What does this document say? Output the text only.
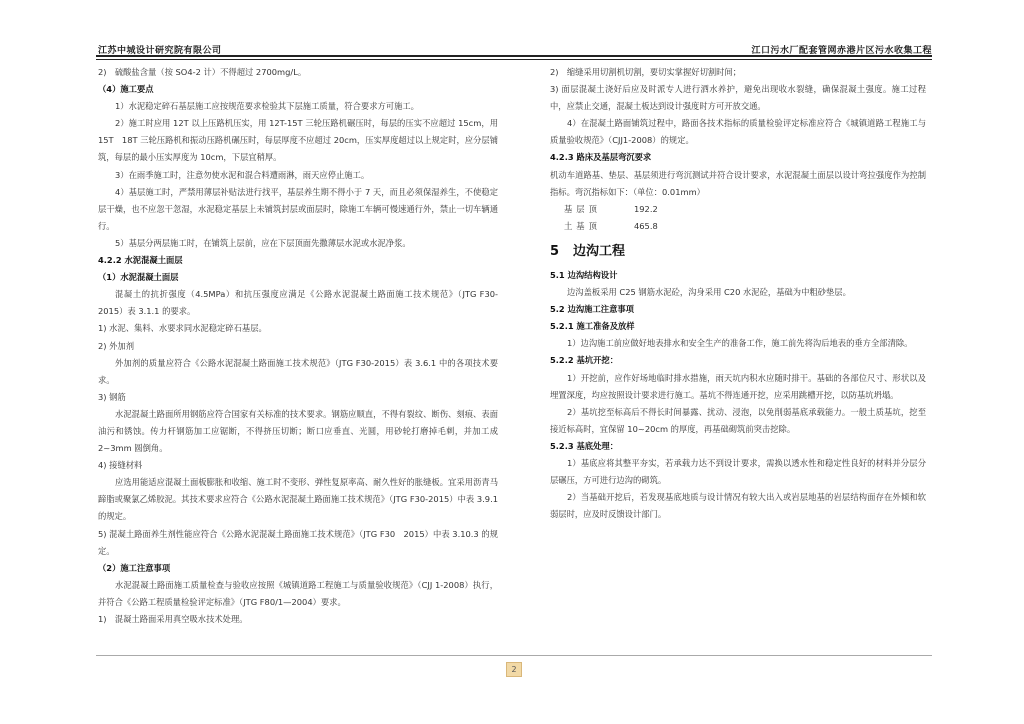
江苏中城设计研究院有限公司	江口污水厂配套管网赤港片区污水收集工程

2)　硫酸盐含量（按 SO4-2 计）不得超过 2700mg/L。

（4）施工要点

1）水泥稳定碎石基层施工应按规范要求检验其下层施工质量，符合要求方可施工。

2）施工时应用 12T 以上压路机压实，用 12T-15T 三轮压路机碾压时，每层的压实不应超过 15cm，用 15T　18T 三轮压路机和振动压路机碾压时，每层厚度不应超过 20cm，压实厚度超过以上规定时，应分层铺筑，每层的最小压实厚度为 10cm，下层宜稍厚。

3）在雨季施工时，注意勿使水泥和混合料遭雨淋，雨天应停止施工。

4）基层施工时，严禁用薄层补贴法进行找平，基层养生期不得小于 7 天，而且必须保湿养生，不使稳定层干燥，也不应忽干忽湿，水泥稳定基层上未铺筑封层或面层时，除施工车辆可慢速通行外，禁止一切车辆通行。

5）基层分两层施工时，在铺筑上层前，应在下层顶面先撒薄层水泥或水泥净浆。

4.2.2 水泥混凝土面层

（1）水泥混凝土面层

混凝土的抗折强度（4.5MPa）和抗压强度应满足《公路水泥混凝土路面施工技术规范》（JTG F30-2015）表 3.1.1 的要求。

1) 水泥、集料、水要求同水泥稳定碎石基层。

2) 外加剂

外加剂的质量应符合《公路水泥混凝土路面施工技术规范》（JTG F30-2015）表 3.6.1 中的各项技术要求。

3) 钢筋

水泥混凝土路面所用钢筋应符合国家有关标准的技术要求。钢筋应顺直，不得有裂纹、断伤、刻痕、表面油污和锈蚀。传力杆钢筋加工应锯断，不得挤压切断；断口应垂直、光圆，用砂轮打磨掉毛刺，并加工成 2~3mm 圆倒角。

4) 接缝材料

应选用能适应混凝土面板膨胀和收缩、施工时不变形、弹性复原率高、耐久性好的胀缝板。宜采用沥青马蹄脂或聚氯乙烯胶泥。其技术要求应符合《公路水泥混凝土路面施工技术规范》（JTG F30-2015）中表 3.9.1 的规定。

5) 混凝土路面养生剂性能应符合《公路水泥混凝土路面施工技术规范》（JTG F30　2015）中表 3.10.3 的规定。

（2）施工注意事项

水泥混凝土路面施工质量检查与验收应按照《城镇道路工程施工与质量验收规范》（CJJ 1-2008）执行，并符合《公路工程质量检验评定标准》（JTG F80/1—2004）要求。

1)　混凝土路面采用真空吸水技术处理。

2)　缩缝采用切割机切割，要切实掌握好切割时间；

3) 面层混凝土浇好后应及时派专人进行洒水养护，避免出现收水裂缝，确保混凝土强度。施工过程中，应禁止交通，混凝土板达到设计强度时方可开放交通。

4）在混凝土路面铺筑过程中，路面各技术指标的质量检验评定标准应符合《城镇道路工程施工与质量验收规范》（CJJ1-2008）的规定。

4.2.3 路床及基层弯沉要求

机动车道路基、垫层、基层须进行弯沉测试并符合设计要求，水泥混凝土面层以设计弯拉强度作为控制指标。弯沉指标如下：（单位：0.01mm）

基层顶	192.2
土基顶	465.8
5 边沟工程

5.1 边沟结构设计

边沟盖板采用 C25 钢筋水泥砼，沟身采用 C20 水泥砼，基础为中粗砂垫层。

5.2 边沟施工注意事项

5.2.1 施工准备及放样

1）边沟施工前应做好地表排水和安全生产的准备工作，施工前先将沟后地表的垂方全部清除。

5.2.2 基坑开挖：

1）开挖前，应作好场地临时排水措施，雨天坑内积水应随时排干。基础的各部位尺寸、形状以及埋置深度，均应按照设计要求进行施工。基坑不得连通开挖，应采用跳槽开挖，以防基坑坍塌。

2）基坑挖至标高后不得长时间暴露、扰动、浸泡，以免削弱基底承载能力。一般土质基坑，挖至接近标高时，宜保留 10~20cm 的厚度，再基础砌筑前突击挖除。

5.2.3 基底处理：

1）基底应将其整平夯实，若承载力达不到设计要求，需换以透水性和稳定性良好的材料并分层分层碾压，方可进行边沟的砌筑。

2）当基础开挖后，若发现基底地质与设计情况有较大出入或岩层地基的岩层结构面存在外倾和软弱层时，应及时反馈设计部门。

2
